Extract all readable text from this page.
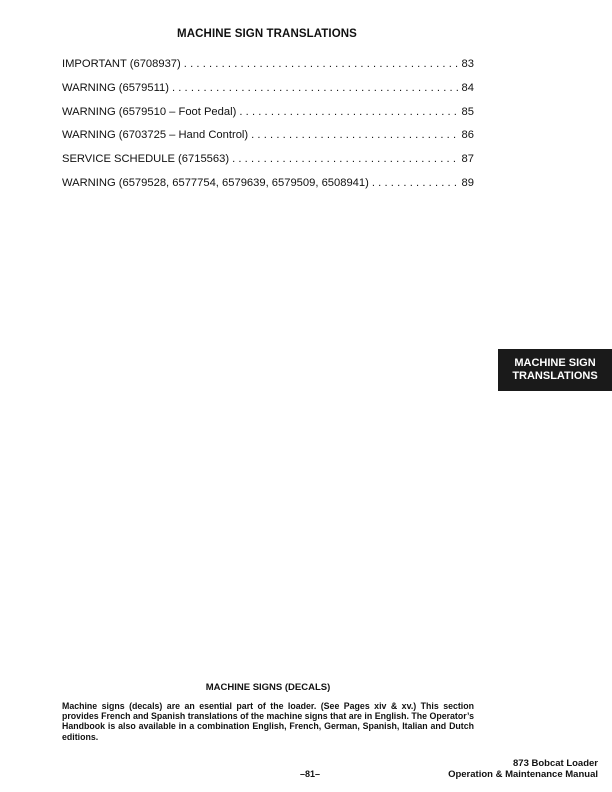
MACHINE SIGN TRANSLATIONS
IMPORTANT (6708937) .....	83
WARNING (6579511) .....	84
WARNING (6579510 – Foot Pedal) .....	85
WARNING (6703725 – Hand Control) .....	86
SERVICE SCHEDULE (6715563) .....	87
WARNING (6579528, 6577754, 6579639, 6579509, 6508941) .....	89
MACHINE SIGN
TRANSLATIONS
MACHINE SIGNS (DECALS)
Machine signs (decals) are an esential part of the loader. (See Pages xiv & xv.) This section provides French and Spanish translations of the machine signs that are in English. The Operator’s Handbook is also available in a combination English, French, German, Spanish, Italian and Dutch editions.
–81–
873 Bobcat Loader
Operation & Maintenance Manual
